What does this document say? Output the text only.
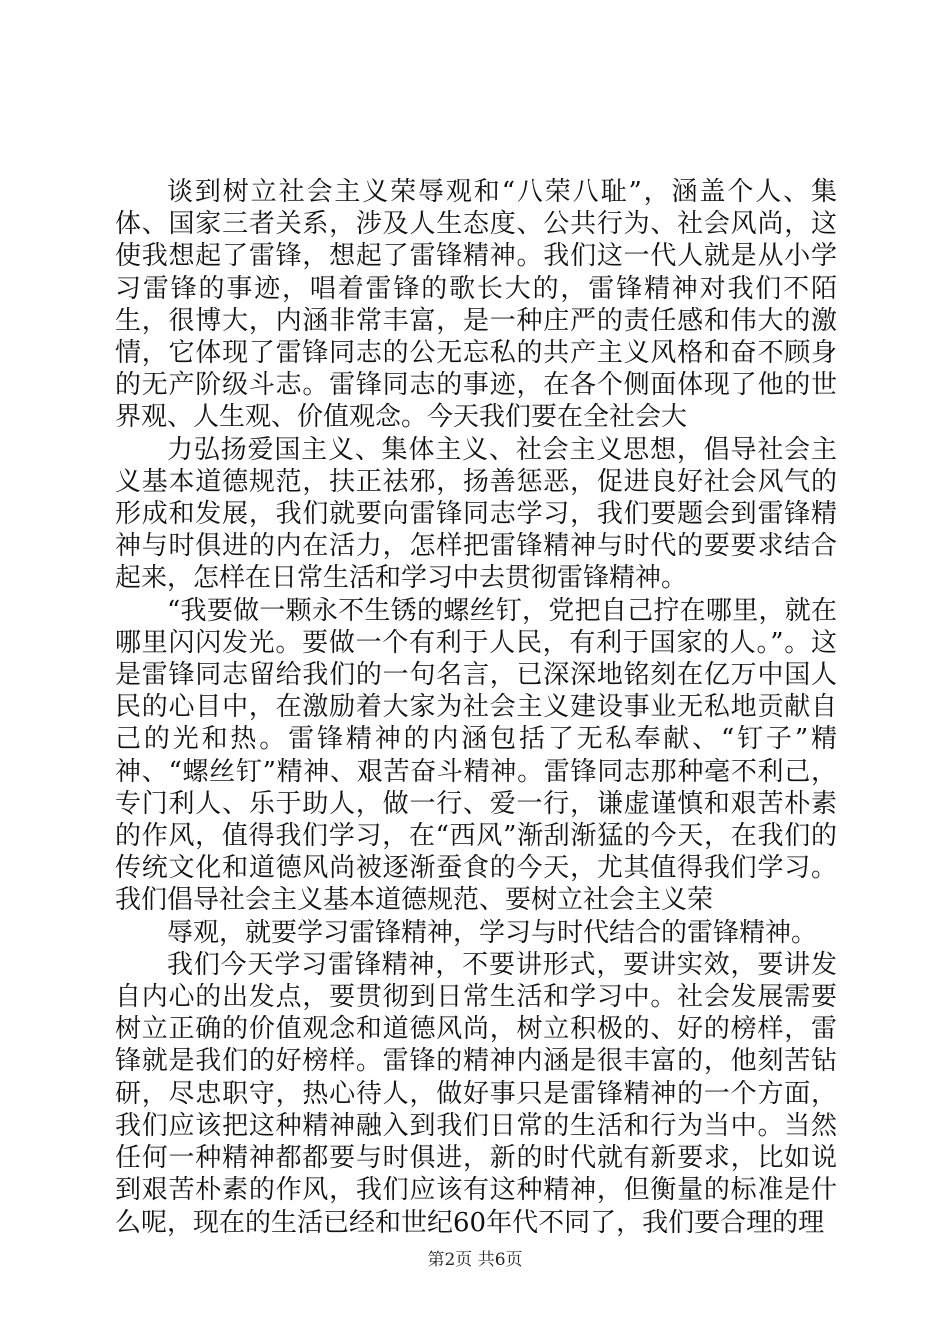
谈到树立社会主义荣辱观和“八荣八耻”，涵盖个人、集体、国家三者关系，涉及人生态度、公共行为、社会风尚，这使我想起了雷锋，想起了雷锋精神。我们这一代人就是从小学习雷锋的事迹，唱着雷锋的歌长大的，雷锋精神对我们不陌生，很博大，内涵非常丰富，是一种庄严的责任感和伟大的激情，它体现了雷锋同志的公无忘私的共产主义风格和奋不顾身的无产阶级斗志。雷锋同志的事迹，在各个侧面体现了他的世界观、人生观、价值观念。今天我们要在全社会大

力弘扬爱国主义、集体主义、社会主义思想，倡导社会主义基本道德规范，扶正祛邪，扬善惩恶，促进良好社会风气的形成和发展，我们就要向雷锋同志学习，我们要题会到雷锋精神与时俱进的内在活力，怎样把雷锋精神与时代的要要求结合起来，怎样在日常生活和学习中去贯彻雷锋精神。

“我要做一颗永不生锈的螺丝钉，党把自己拧在哪里，就在哪里闪闪发光。要做一个有利于人民，有利于国家的人。”。这是雷锋同志留给我们的一句名言，已深深地铭刻在亿万中国人民的心目中，在激励着大家为社会主义建设事业无私地贡献自己的光和热。雷锋精神的内涵包括了无私奉献、“钉子”精神、“螺丝钉”精神、艰苦奋斗精神。雷锋同志那种毫不利己，专门利人、乐于助人，做一行、爱一行，谦虚谨慎和艰苦朴素的作风，值得我们学习，在“西风”渐刮渐猛的今天，在我们的传统文化和道德风尚被逐渐蚕食的今天，尤其值得我们学习。我们倡导社会主义基本道德规范、要树立社会主义荣

辱观，就要学习雷锋精神，学习与时代结合的雷锋精神。

我们今天学习雷锋精神，不要讲形式，要讲实效，要讲发自内心的出发点，要贯彻到日常生活和学习中。社会发展需要树立正确的价值观念和道德风尚，树立积极的、好的榜样，雷锋就是我们的好榜样。雷锋的精神内涵是很丰富的，他刻苦钻研，尽忠职守，热心待人，做好事只是雷锋精神的一个方面，我们应该把这种精神融入到我们日常的生活和行为当中。当然任何一种精神都都要与时俱进，新的时代就有新要求，比如说到艰苦朴素的作风，我们应该有这种精神，但衡量的标准是什么呢，现在的生活已经和世纪60年代不同了，我们要合理的理

第2页 共6页
